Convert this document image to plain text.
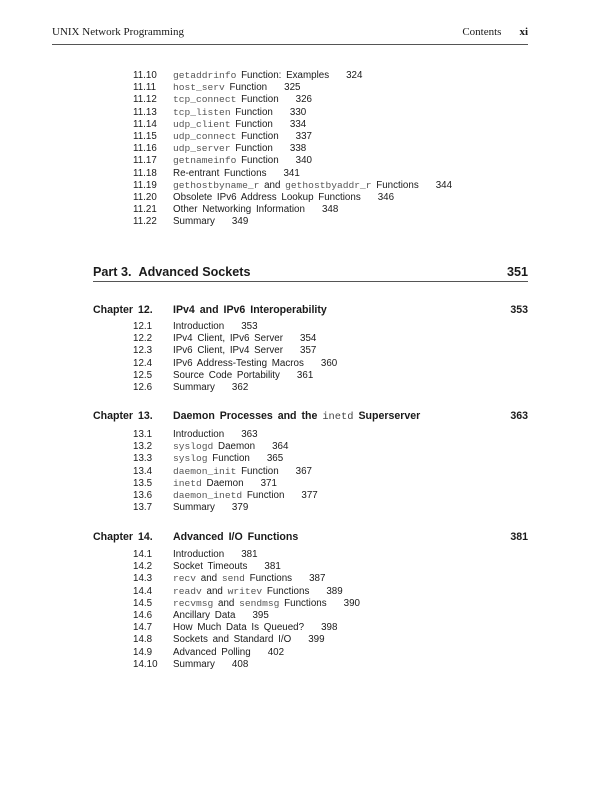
UNIX Network Programming	Contents xi
11.10 getaddrinfo Function: Examples 324
11.11 host_serv Function 325
11.12 tcp_connect Function 326
11.13 tcp_listen Function 330
11.14 udp_client Function 334
11.15 udp_connect Function 337
11.16 udp_server Function 338
11.17 getnameinfo Function 340
11.18 Re-entrant Functions 341
11.19 gethostbyname_r and gethostbyaddr_r Functions 344
11.20 Obsolete IPv6 Address Lookup Functions 346
11.21 Other Networking Information 348
11.22 Summary 349
Part 3. Advanced Sockets	351
Chapter 12. IPv4 and IPv6 Interoperability	353
12.1 Introduction 353
12.2 IPv4 Client, IPv6 Server 354
12.3 IPv6 Client, IPv4 Server 357
12.4 IPv6 Address-Testing Macros 360
12.5 Source Code Portability 361
12.6 Summary 362
Chapter 13. Daemon Processes and the inetd Superserver	363
13.1 Introduction 363
13.2 syslogd Daemon 364
13.3 syslog Function 365
13.4 daemon_init Function 367
13.5 inetd Daemon 371
13.6 daemon_inetd Function 377
13.7 Summary 379
Chapter 14. Advanced I/O Functions	381
14.1 Introduction 381
14.2 Socket Timeouts 381
14.3 recv and send Functions 387
14.4 readv and writev Functions 389
14.5 recvmsg and sendmsg Functions 390
14.6 Ancillary Data 395
14.7 How Much Data Is Queued? 398
14.8 Sockets and Standard I/O 399
14.9 Advanced Polling 402
14.10 Summary 408
